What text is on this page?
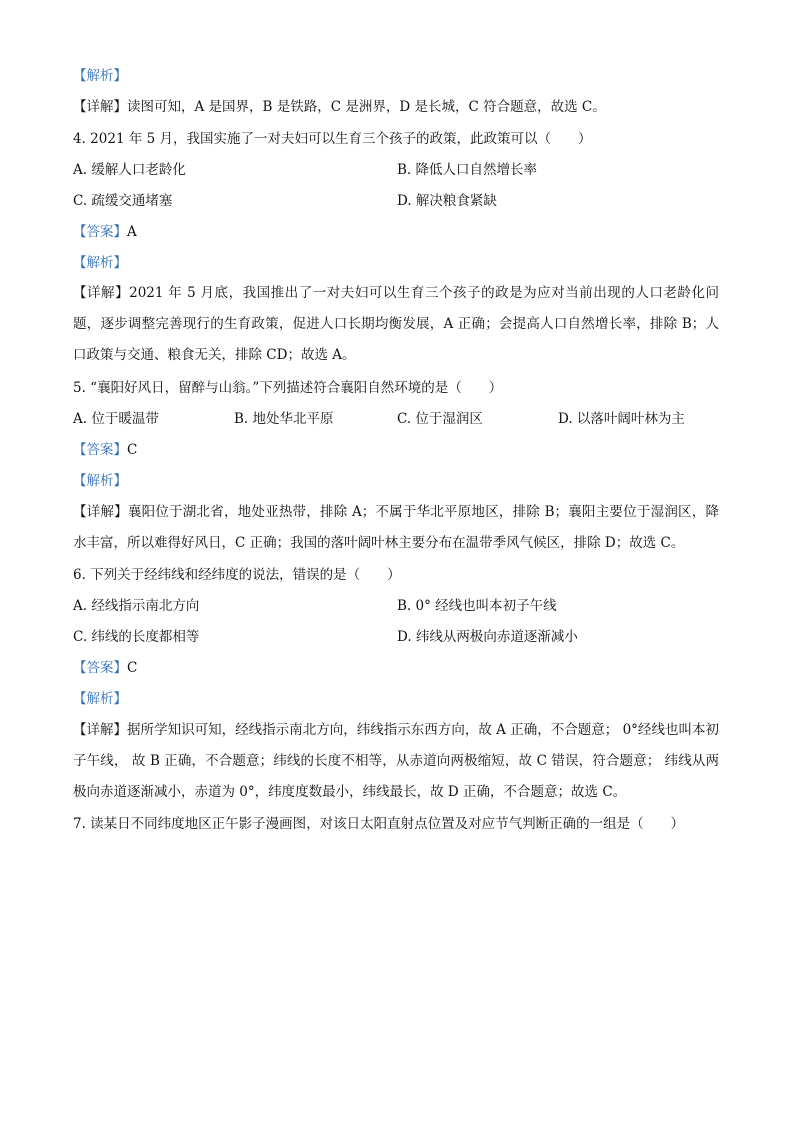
【解析】
【详解】读图可知，A 是国界，B 是铁路，C 是洲界，D 是长城，C 符合题意，故选 C。
4. 2021 年 5 月，我国实施了一对夫妇可以生育三个孩子的政策，此政策可以（　　）
A. 缓解人口老龄化	B. 降低人口自然增长率
C. 疏缓交通堵塞	D. 解决粮食紧缺
【答案】A
【解析】
【详解】2021 年 5 月底，我国推出了一对夫妇可以生育三个孩子的政是为应对当前出现的人口老龄化问题，逐步调整完善现行的生育政策，促进人口长期均衡发展，A 正确；会提高人口自然增长率，排除 B；人口政策与交通、粮食无关，排除 CD；故选 A。
5. “襄阳好风日，留醉与山翁。”下列描述符合襄阳自然环境的是（　　）
A. 位于暖温带	B. 地处华北平原	C. 位于湿润区	D. 以落叶阔叶林为主
【答案】C
【解析】
【详解】襄阳位于湖北省，地处亚热带，排除 A；不属于华北平原地区，排除 B；襄阳主要位于湿润区，降水丰富，所以难得好风日，C 正确；我国的落叶阔叶林主要分布在温带季风气候区，排除 D；故选 C。
6. 下列关于经纬线和经纬度的说法，错误的是（　　）
A. 经线指示南北方向	B. 0° 经线也叫本初子午线
C. 纬线的长度都相等	D. 纬线从两极向赤道逐渐减小
【答案】C
【解析】
【详解】据所学知识可知，经线指示南北方向，纬线指示东西方向，故 A 正确，不合题意； 0°经线也叫本初子午线， 故 B 正确，不合题意；纬线的长度不相等，从赤道向两极缩短，故 C 错误，符合题意； 纬线从两极向赤道逐渐减小，赤道为 0°，纬度度数最小，纬线最长，故 D 正确，不合题意；故选 C。
7. 读某日不同纬度地区正午影子漫画图，对该日太阳直射点位置及对应节气判断正确的一组是（　　）
